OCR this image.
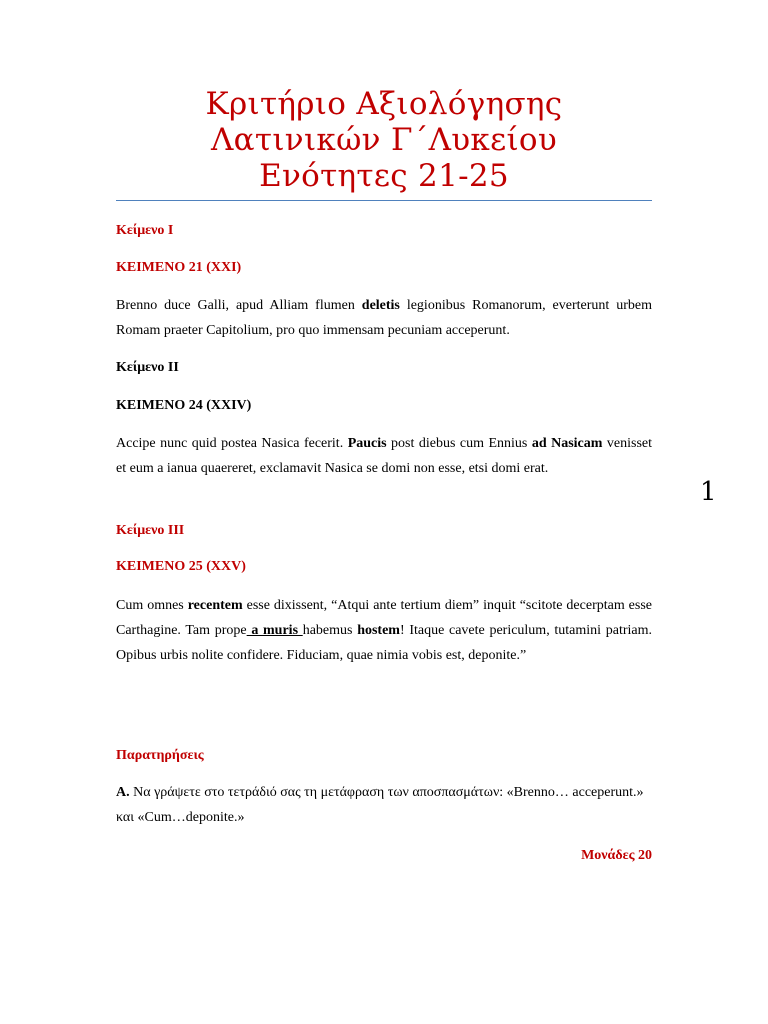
Κριτήριο Αξιολόγησης
Λατινικών Γ΄Λυκείου
Ενότητες 21-25
Κείμενο Ι
ΚΕΙΜΕΝΟ 21 (XXI)

Brenno duce Galli, apud Alliam flumen deletis legionibus Romanorum, everterunt urbem Romam praeter Capitolium, pro quo immensam pecuniam acceperunt.

Κείμενο ΙΙ
ΚΕΙΜΕΝΟ 24 (XXIV)

Accipe nunc quid postea Nasica fecerit. Paucis post diebus cum Ennius ad Nasicam venisset et eum a ianua quaereret, exclamavit Nasica se domi non esse, etsi domi erat.

Κείμενο ΙΙΙ
ΚΕΙΜΕΝΟ 25 (XXV)

Cum omnes recentem esse dixissent, “Atqui ante tertium diem” inquit “scitote decerptam esse Carthagine. Tam prope a muris habemus hostem! Itaque cavete periculum, tutamini patriam. Opibus urbis nolite confidere. Fiduciam, quae nimia vobis est, deponite.”

Παρατηρήσεις

Α. Να γράψετε στο τετράδιό σας τη μετάφραση των αποσπασμάτων: «Brenno… acceperunt.» και «Cum…deponite.»

Μονάδες 20
1
